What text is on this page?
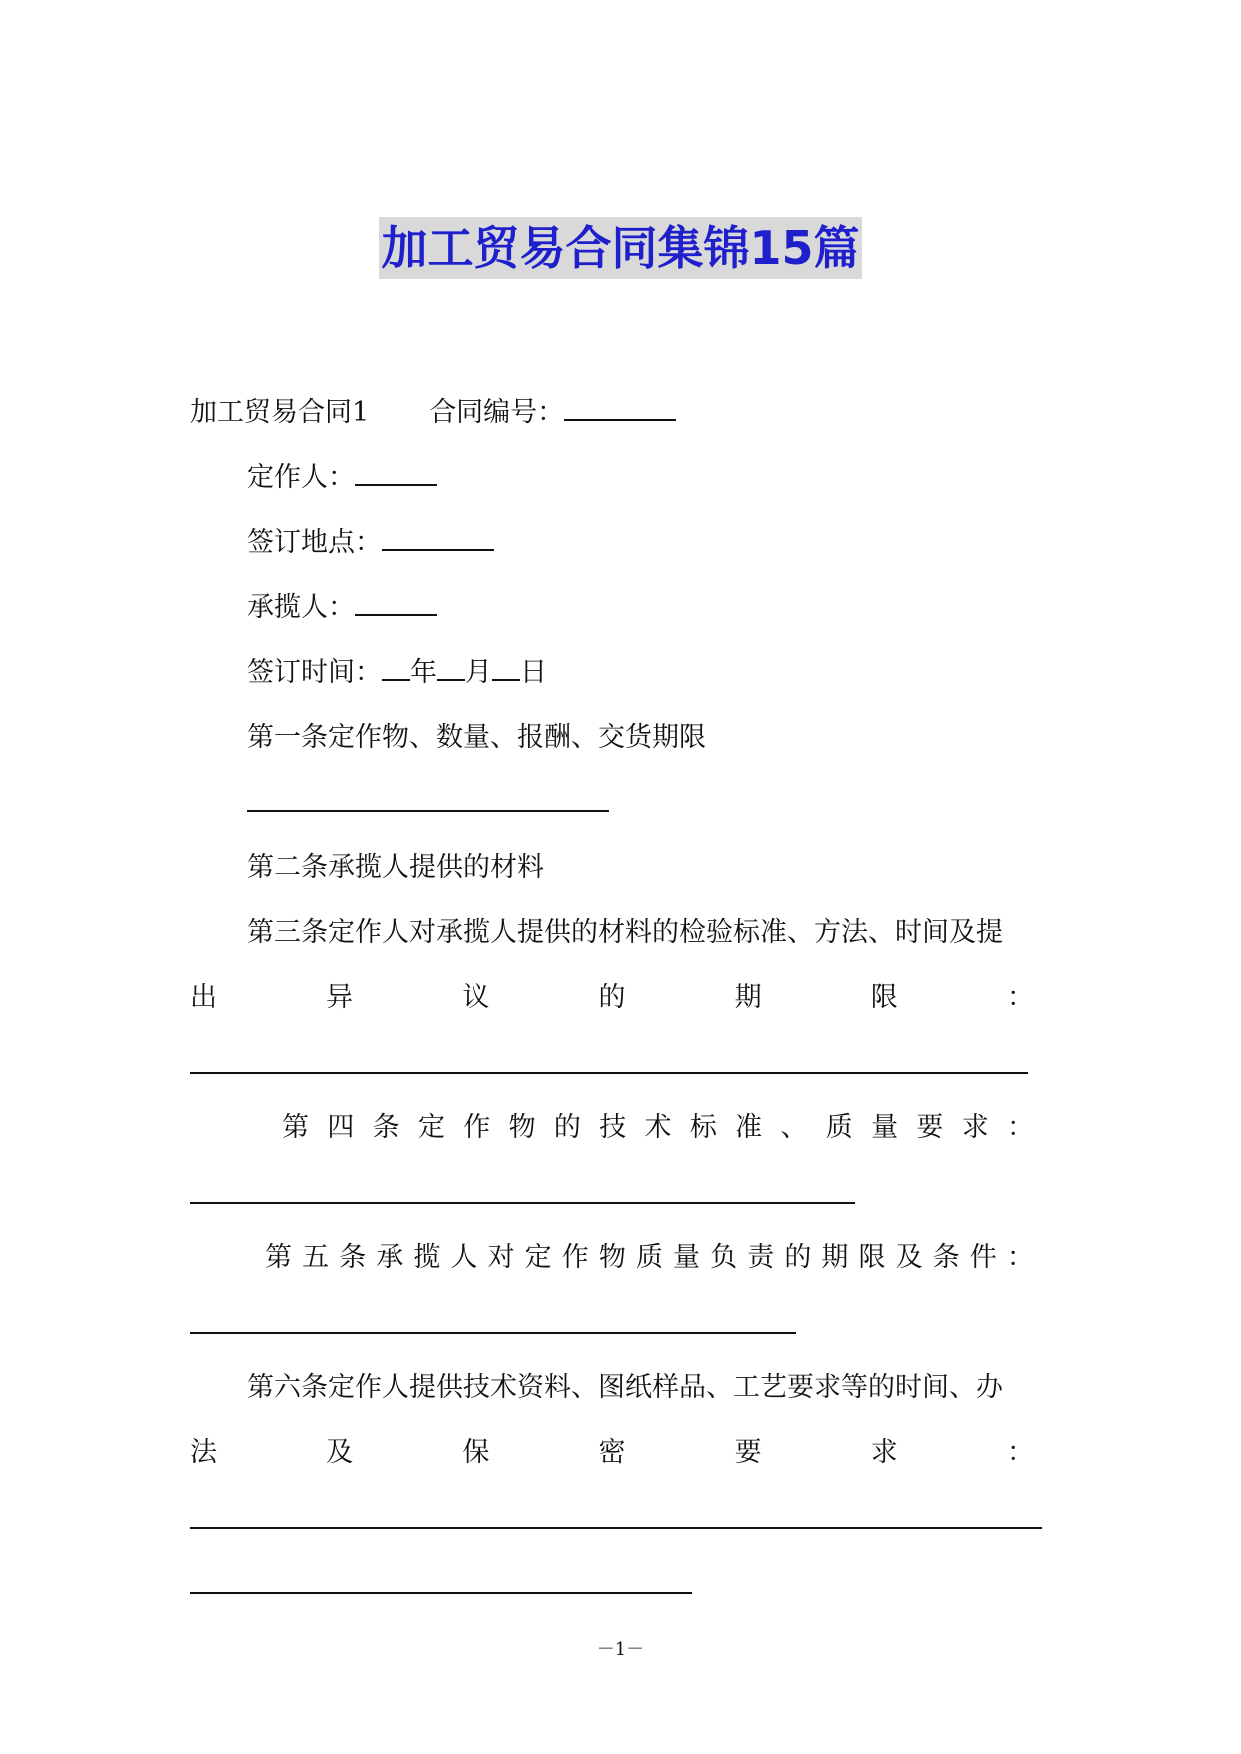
加工贸易合同集锦15篇
加工贸易合同1 合同编号：
定作人：
签订地点：
承揽人：
签订时间： 年 月 日
第一条定作物、数量、报酬、交货期限
第二条承揽人提供的材料
第三条定作人对承揽人提供的材料的检验标准、方法、时间及提
出	异	议	的	期	限	：
第 四 条 定 作 物 的 技 术 标 准 、 质 量 要 求 ：
第 五 条 承 揽 人 对 定 作 物 质 量 负 责 的 期 限 及 条 件 ：
第六条定作人提供技术资料、图纸样品、工艺要求等的时间、办
法	及	保	密	要	求	：
－1－
